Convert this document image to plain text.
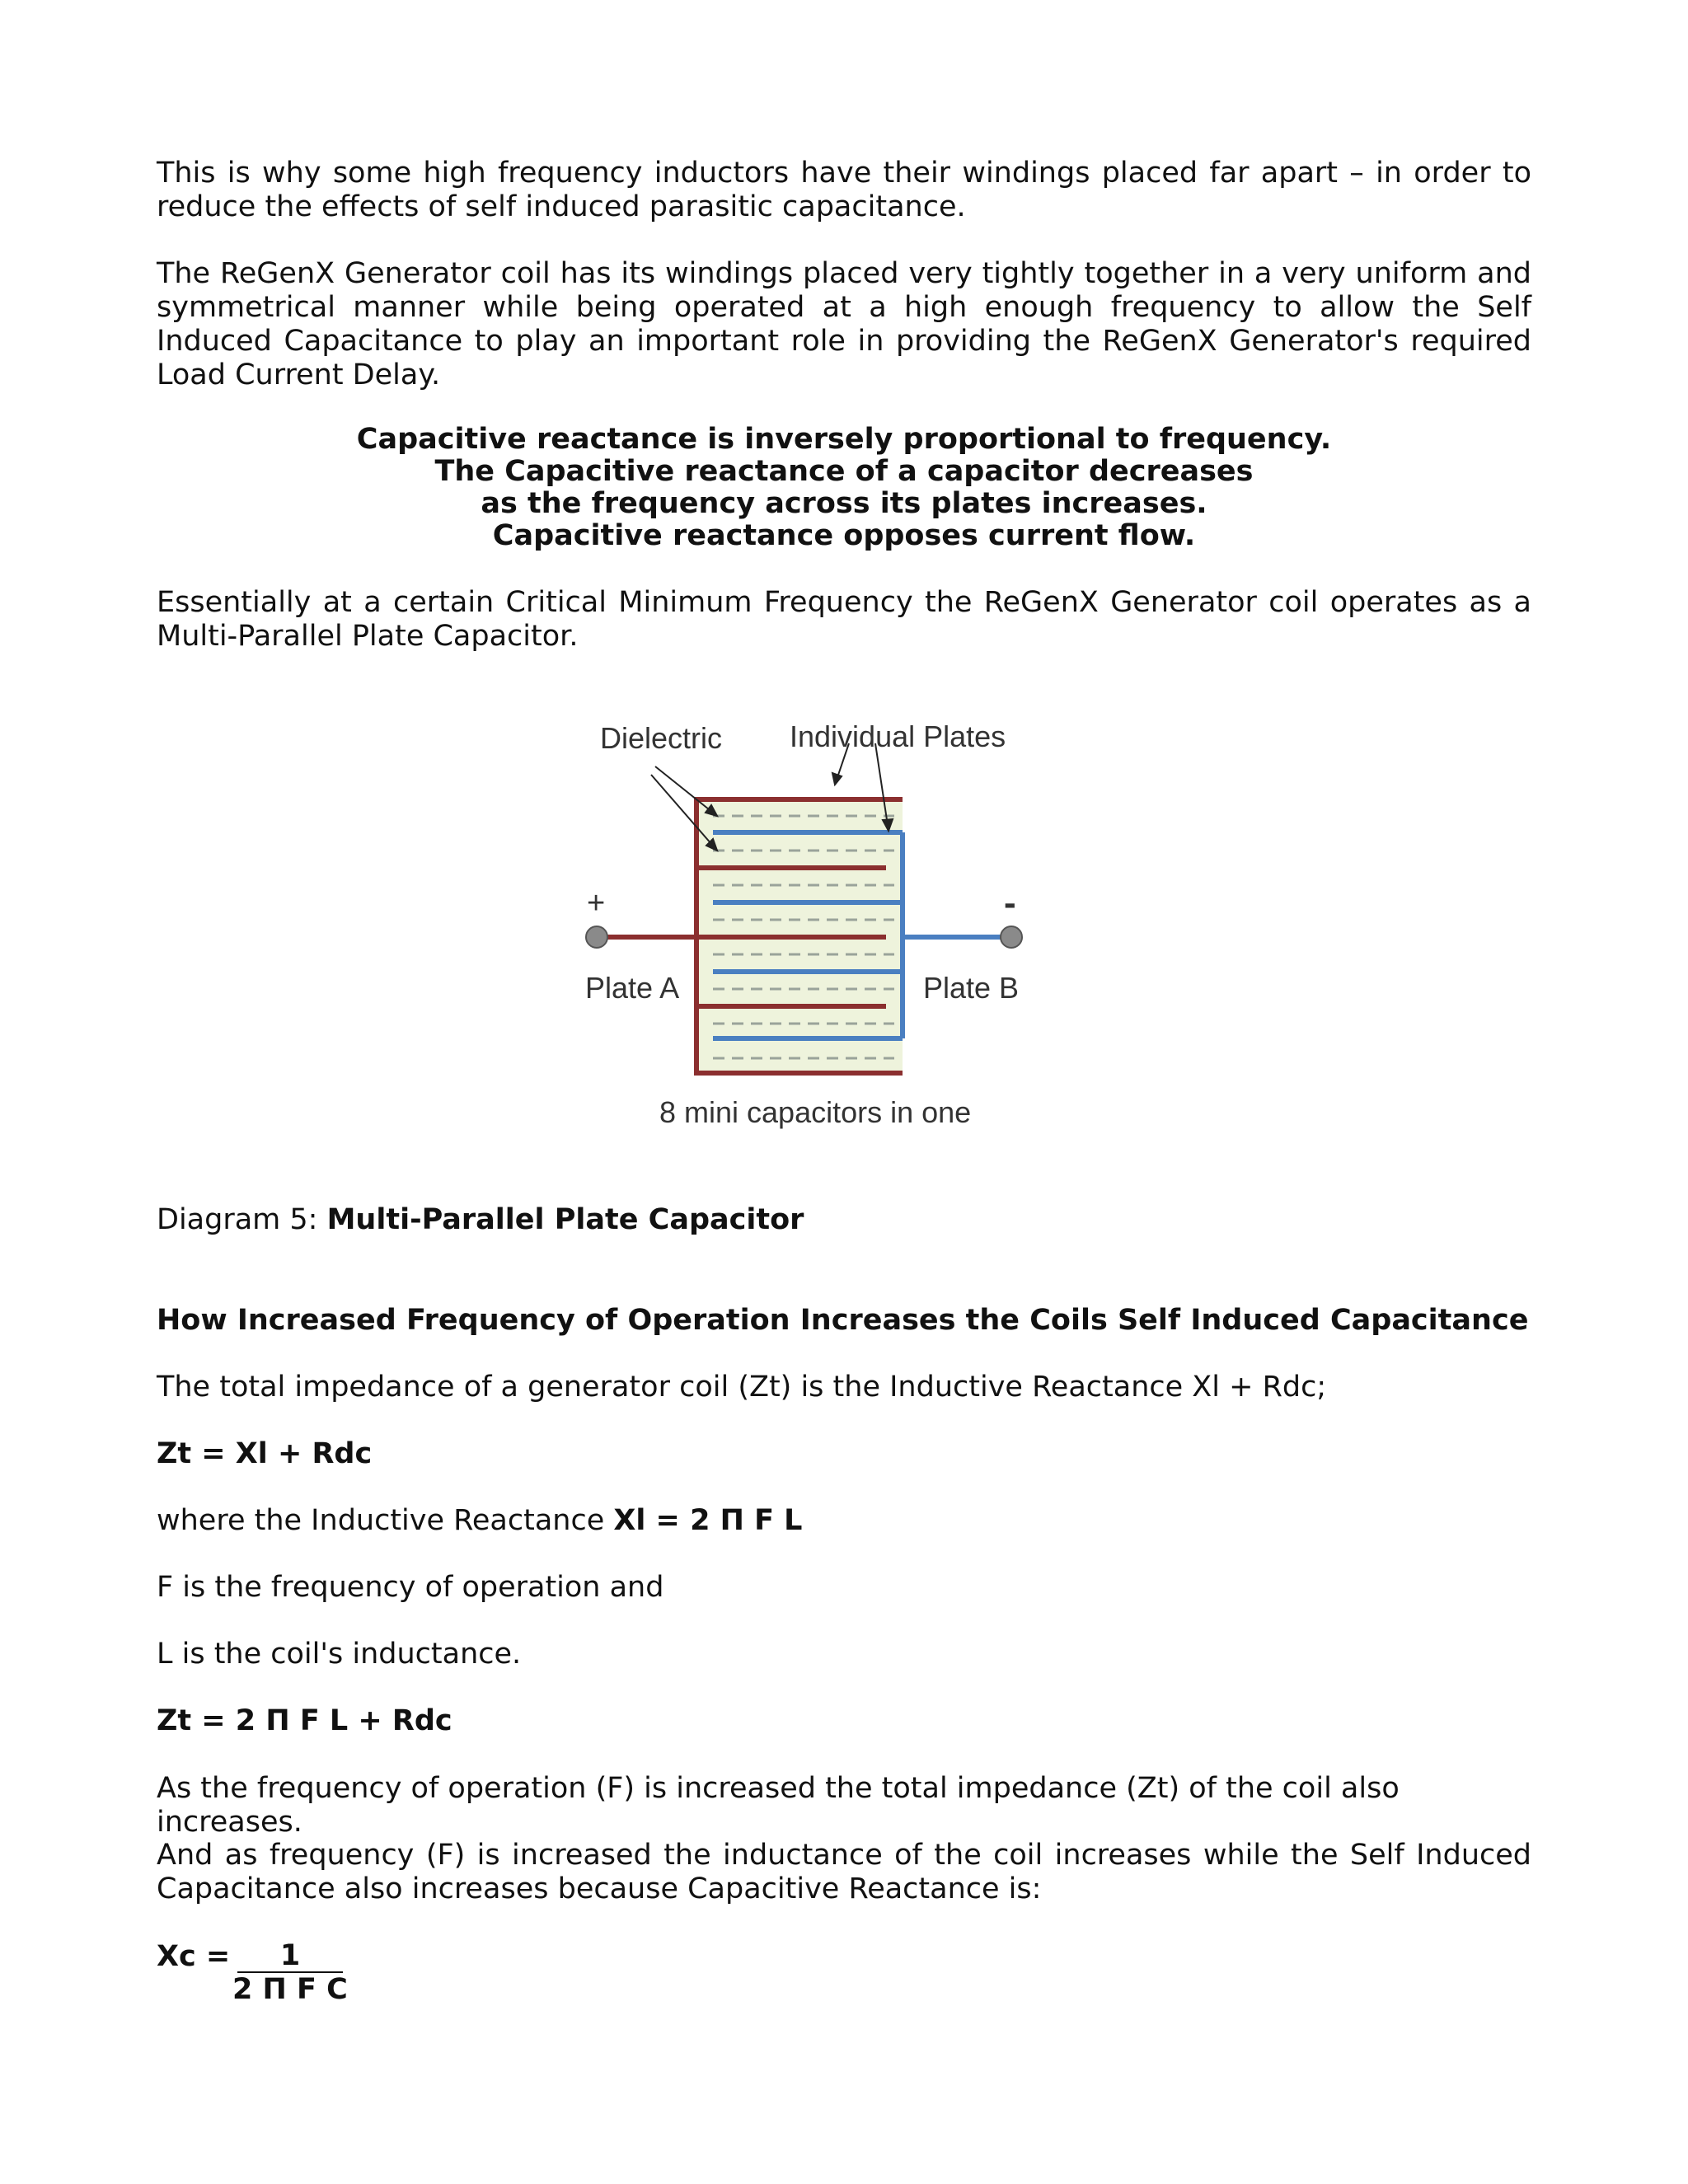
This is why some high frequency inductors have their windings placed far apart – in order to reduce the effects of self induced parasitic capacitance.

The ReGenX Generator coil has its windings placed very tightly together in a very uniform and symmetrical manner while being operated at a high enough frequency to allow the Self Induced Capacitance to play an important role in providing the ReGenX Generator's required Load Current Delay.

Capacitive reactance is inversely proportional to frequency.

The Capacitive reactance of a capacitor decreases

as the frequency across its plates increases.

Capacitive reactance opposes current flow.

Essentially at a certain Critical Minimum Frequency the ReGenX Generator coil operates as a Multi-Parallel Plate Capacitor.

Diagram 5: Multi-Parallel Plate Capacitor

How Increased Frequency of Operation Increases the Coils Self Induced Capacitance

The total impedance of a generator coil (Zt) is the Inductive Reactance Xl + Rdc;

Zt = Xl + Rdc

where the Inductive Reactance Xl = 2 Π F L

F is the frequency of operation and

L is the coil's inductance.

Zt = 2 Π F L + Rdc

As the frequency of operation (F) is increased the total impedance (Zt) of the coil also increases.

And as frequency (F) is increased the inductance of the coil increases while the Self Induced Capacitance also increases because Capacitive Reactance is:

Xc =	1
2 Π F C
Dielectric Individual Plates
+	-
Plate A	Plate B
8 mini capacitors in one
